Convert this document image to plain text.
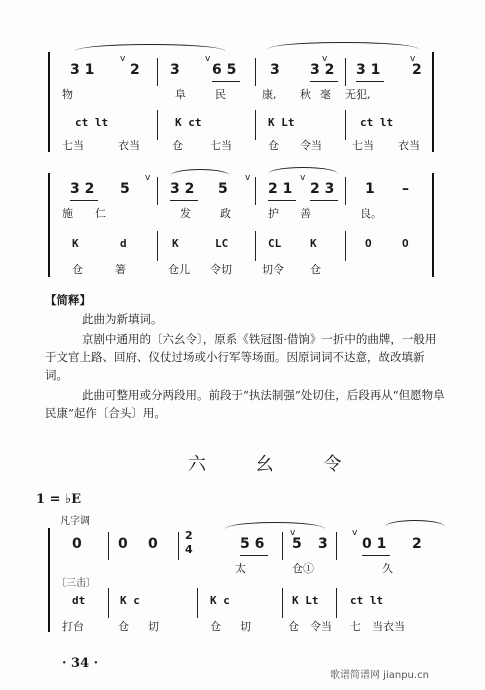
3 1	2
v
3 6 5
v
3 3 2
v
3 1 2
v
物	阜	民	康, 秋 毫 无犯,
ct lt	K ct	K Lt	ct lt
七当	衣当	仓 七当	仓 令当	七当 衣当
3 2 5
v
3 2 5
v
2 1 2 3
v
1 –
施 仁	发	政	护 善	良。
K	d	K	LC	CL	K	O	O
仓	箸	仓儿 令切	切令 仓
【简释】
此曲为新填词。
京剧中通用的〔六幺令〕，原系《铁冠图·借饷》一折中的曲牌，一般用于文官上路、回府、仪仗过场或小行军等场面。因原词词不达意，故改填新词。
此曲可整用或分两段用。前段于“执法制强”处切住，后段再从“但愿物阜民康”起作〔合头〕用。
六 幺 令
1 = ♭E
凡字调
2
4
0	0 0	5 6 5
v
3 0 1
v
2
太	仓①	久
〔三击〕
dt	K c	K c	K Lt	ct lt
打台	仓 切	仓 切	仓 令当 七 当衣当
· 34 ·
歌谱简谱网 jianpu.cn
